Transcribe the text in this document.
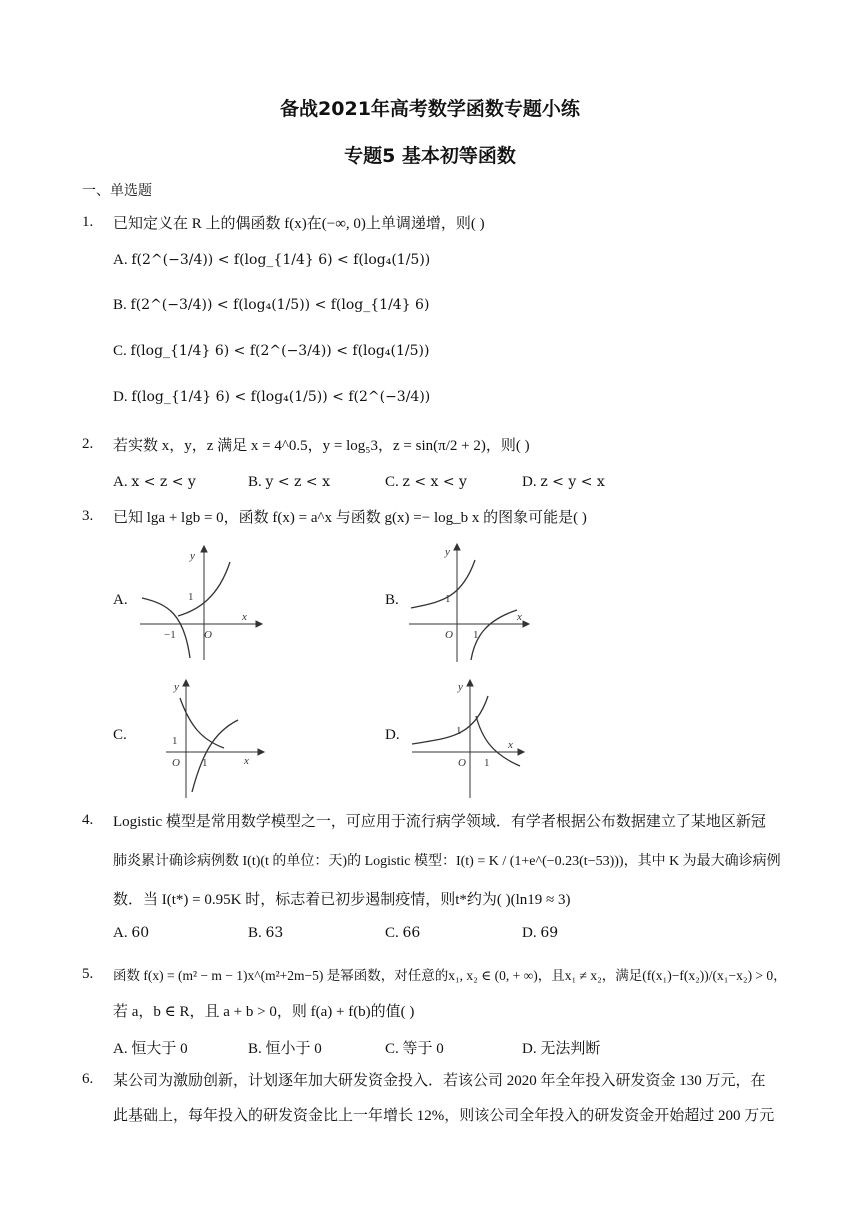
备战2021年高考数学函数专题小练
专题5 基本初等函数
一、单选题
1. 已知定义在 R 上的偶函数 f(x)在(−∞, 0)上单调递增，则( )
A. f(2^(−3/4)) < f(log_{1/4} 6) < f(log₄(1/5))
B. f(2^(−3/4)) < f(log₄(1/5)) < f(log_{1/4} 6)
C. f(log_{1/4} 6) < f(2^(−3/4)) < f(log₄(1/5))
D. f(log_{1/4} 6) < f(log₄(1/5)) < f(2^(−3/4))
2. 若实数 x，y，z 满足 x = 4^0.5，y = log₅3，z = sin(π/2 + 2)，则( )
A. x < z < y	B. y < z < x	C. z < x < y	D. z < y < x
3. 已知 lga + lgb = 0，函数 f(x) = a^x 与函数 g(x) =− log_b x 的图象可能是( )
A.	B.
C.	D.
y
x
1
−1	O
y
x
1
O 1
y
x
1
O 1
y
x
1
O 1
4. Logistic 模型是常用数学模型之一，可应用于流行病学领域．有学者根据公布数据建立了某地区新冠
肺炎累计确诊病例数 I(t)(t 的单位：天)的 Logistic 模型：I(t) = K / (1+e^(−0.23(t−53)))，其中 K 为最大确诊病例
数．当 I(t*) = 0.95K 时，标志着已初步遏制疫情，则t*约为( )(ln19 ≈ 3)
A. 60	B. 63	C. 66	D. 69
5. 函数 f(x) = (m² − m − 1)x^(m²+2m−5) 是幂函数，对任意的x₁, x₂ ∈ (0, + ∞)，且x₁ ≠ x₂，满足(f(x₁)−f(x₂))/(x₁−x₂) > 0，
若 a，b ∈ R，且 a + b > 0，则 f(a) + f(b)的值( )
A. 恒大于 0	B. 恒小于 0	C. 等于 0	D. 无法判断
6. 某公司为激励创新，计划逐年加大研发资金投入．若该公司 2020 年全年投入研发资金 130 万元，在
此基础上，每年投入的研发资金比上一年增长 12%，则该公司全年投入的研发资金开始超过 200 万元
